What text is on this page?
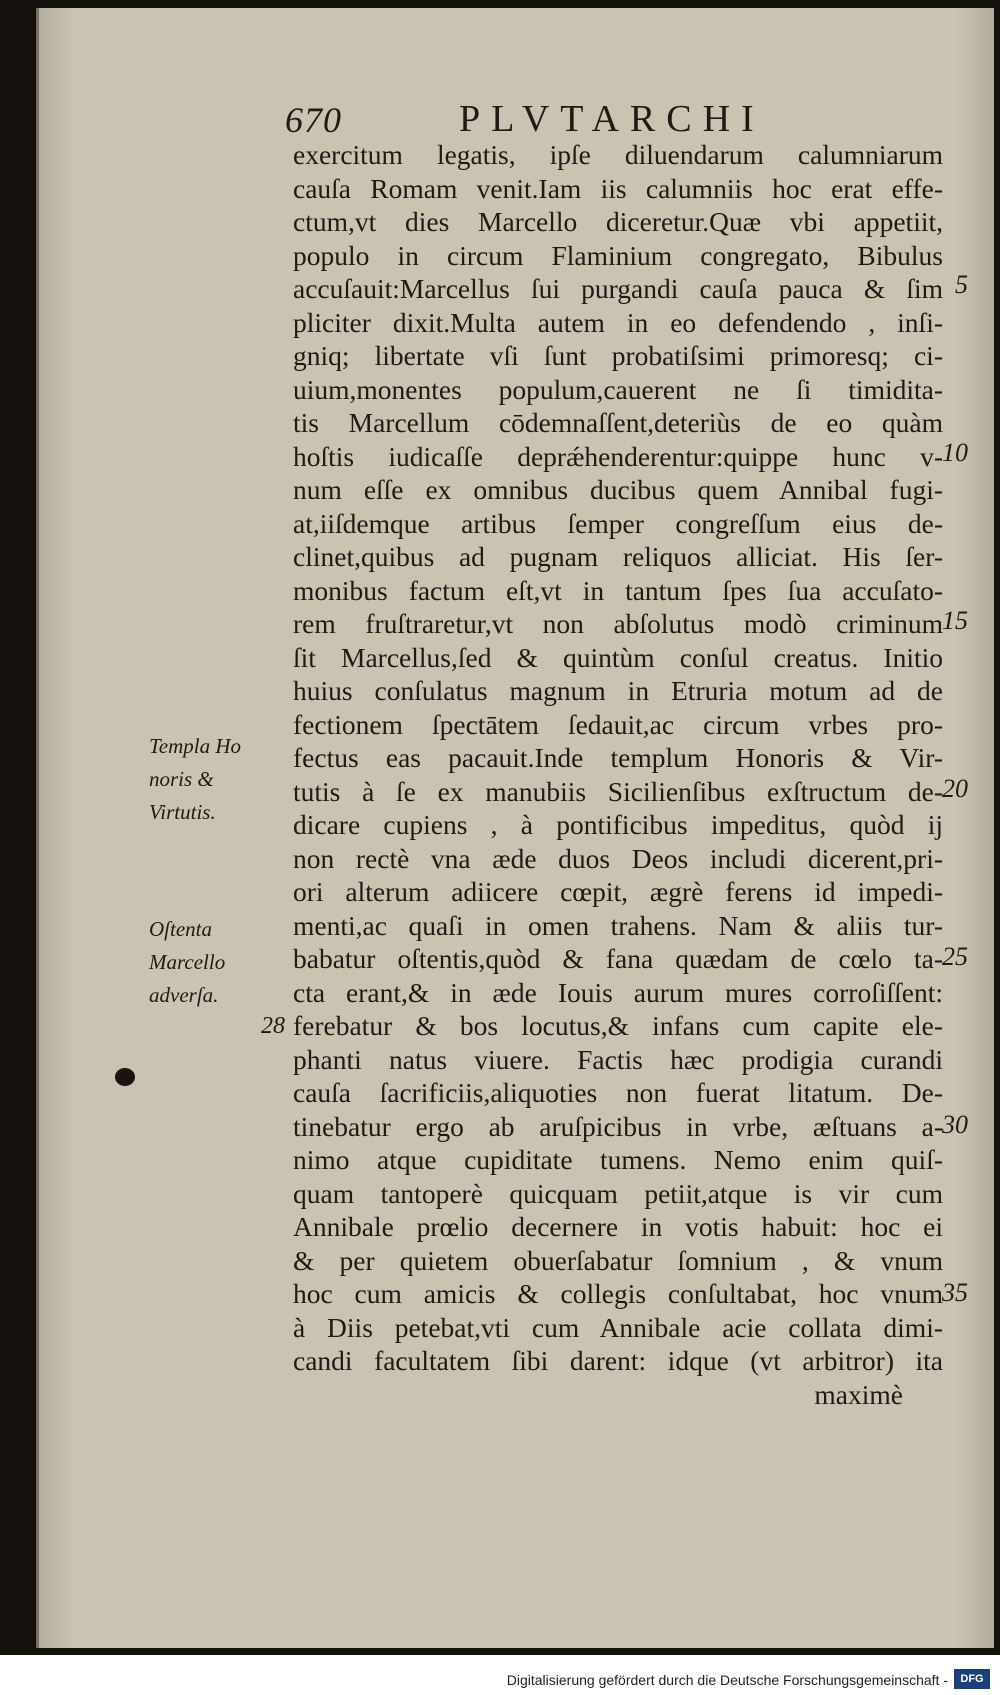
670	PLVTARCHI
exercitum legatis, ipſe diluendarum calumniarum
cauſa Romam venit.Iam iis calumniis hoc erat effe-
ctum,vt dies Marcello diceretur.Quæ vbi appetiit,
populo in circum Flaminium congregato, Bibulus
accuſauit:Marcellus ſui purgandi cauſa pauca & ſim
pliciter dixit.Multa autem in eo defendendo , inſi-
gniq; libertate vſi ſunt probatiſsimi primoresq; ci-
uium,monentes populum,cauerent ne ſi timidita-
tis Marcellum cōdemnaſſent,deteriùs de eo quàm
hoſtis iudicaſſe deprǽhenderentur:quippe hunc v-
num eſſe ex omnibus ducibus quem Annibal fugi-
at,iiſdemque artibus ſemper congreſſum eius de-
clinet,quibus ad pugnam reliquos alliciat. His ſer-
monibus factum eſt,vt in tantum ſpes ſua accuſato-
rem fruſtraretur,vt non abſolutus modò criminum
ſit Marcellus,ſed & quintùm conſul creatus. Initio
huius conſulatus magnum in Etruria motum ad de
fectionem ſpectātem ſedauit,ac circum vrbes pro-
fectus eas pacauit.Inde templum Honoris & Vir-
tutis à ſe ex manubiis Sicilienſibus exſtructum de-
dicare cupiens , à pontificibus impeditus, quòd ij
non rectè vna æde duos Deos includi dicerent,pri-
ori alterum adiicere cœpit, ægrè ferens id impedi-
menti,ac quaſi in omen trahens. Nam & aliis tur-
babatur oſtentis,quòd & fana quædam de cœlo ta-
cta erant,& in æde Iouis aurum mures corroſiſſent:
ferebatur & bos locutus,& infans cum capite ele-
phanti natus viuere. Factis hæc prodigia curandi
cauſa ſacrificiis,aliquoties non fuerat litatum. De-
tinebatur ergo ab aruſpicibus in vrbe, æſtuans a-
nimo atque cupiditate tumens. Nemo enim quiſ-
quam tantoperè quicquam petiit,atque is vir cum
Annibale prœlio decernere in votis habuit: hoc ei
& per quietem obuerſabatur ſomnium , & vnum
hoc cum amicis & collegis conſultabat, hoc vnum
à Diis petebat,vti cum Annibale acie collata dimi-
candi facultatem ſibi darent: idque (vt arbitror) ita
maximè
5
10
15
20
25
30
35
Templa Ho
noris &
Virtutis.
Oſtenta
Marcello
adverſa.
28
Digitalisierung gefördert durch die Deutsche Forschungsgemeinschaft -	DFG
